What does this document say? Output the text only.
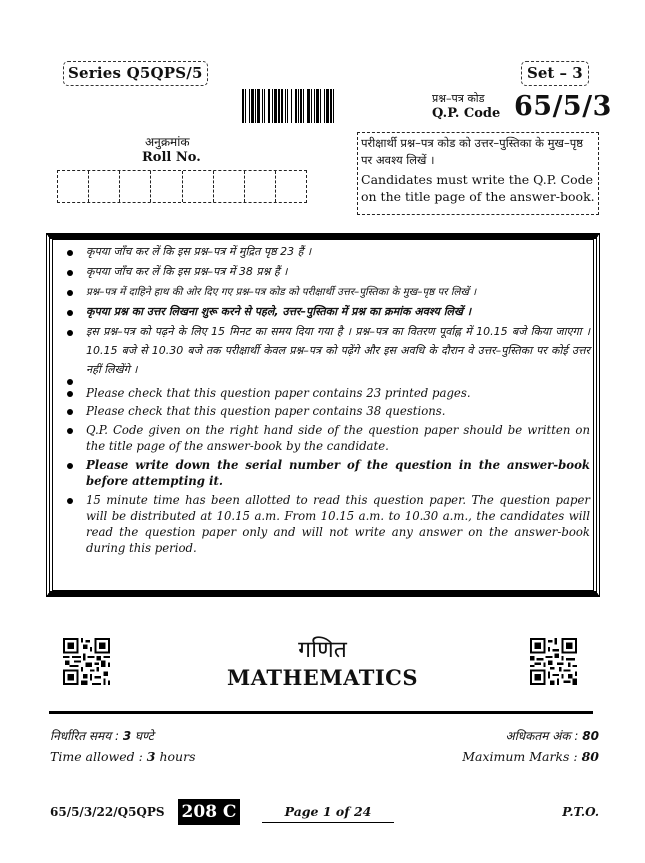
Series Q5QPS/5	Set – 3
प्रश्न–पत्र कोड
Q.P. Code 65/5/3
अनुक्रमांक
Roll No.
परीक्षार्थी प्रश्न–पत्र कोड को उत्तर–पुस्तिका के मुख–पृष्ठ पर अवश्य लिखें ।
Candidates must write the Q.P. Code on the title page of the answer-book.
कृपया जाँच कर लें कि इस प्रश्न–पत्र में मुद्रित पृष्ठ 23 हैं ।
कृपया जाँच कर लें कि इस प्रश्न–पत्र में 38 प्रश्न हैं ।
प्रश्न–पत्र में दाहिने हाथ की ओर दिए गए प्रश्न–पत्र कोड को परीक्षार्थी उत्तर–पुस्तिका के मुख–पृष्ठ पर लिखें ।
कृपया प्रश्न का उत्तर लिखना शुरू करने से पहले, उत्तर–पुस्तिका में प्रश्न का क्रमांक अवश्य लिखें ।
इस प्रश्न–पत्र को पढ़ने के लिए 15 मिनट का समय दिया गया है । प्रश्न–पत्र का वितरण पूर्वाह्न में 10.15 बजे किया जाएगा । 10.15 बजे से 10.30 बजे तक परीक्षार्थी केवल प्रश्न–पत्र को पढ़ेंगे और इस अवधि के दौरान वे उत्तर–पुस्तिका पर कोई उत्तर नहीं लिखेंगे ।
Please check that this question paper contains 23 printed pages.
Please check that this question paper contains 38 questions.
Q.P. Code given on the right hand side of the question paper should be written on the title page of the answer-book by the candidate.
Please write down the serial number of the question in the answer-book before attempting it.
15 minute time has been allotted to read this question paper. The question paper will be distributed at 10.15 a.m. From 10.15 a.m. to 10.30 a.m., the candidates will read the question paper only and will not write any answer on the answer-book during this period.
गणित
MATHEMATICS
निर्धारित समय : 3 घण्टे
Time allowed : 3 hours
अधिकतम अंक : 80
Maximum Marks : 80
65/5/3/22/Q5QPS 208 C	Page 1 of 24	P.T.O.
